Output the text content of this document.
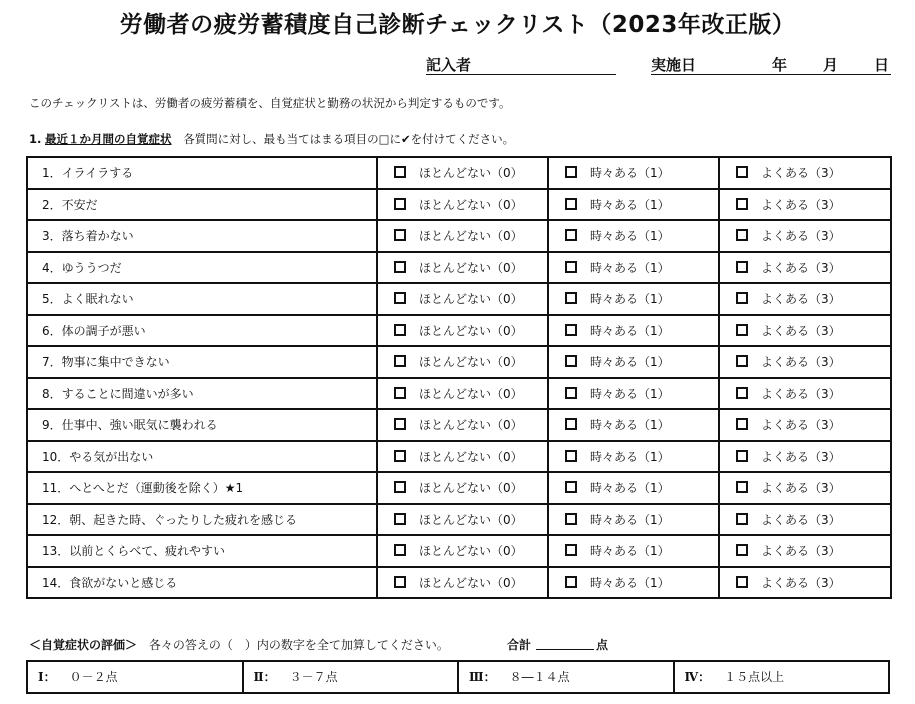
労働者の疲労蓄積度自己診断チェックリスト（2023年改正版）
記入者	実施日	年 月 日
このチェックリストは、労働者の疲労蓄積を、自覚症状と勤務の状況から判定するものです。
1. 最近１か月間の自覚症状 各質問に対し、最も当てはまる項目の□に✔を付けてください。
1．イライラする	ほとんどない（0）	時々ある（1）	よくある（3）
2．不安だ	ほとんどない（0）	時々ある（1）	よくある（3）
3．落ち着かない	ほとんどない（0）	時々ある（1）	よくある（3）
4．ゆううつだ	ほとんどない（0）	時々ある（1）	よくある（3）
5．よく眠れない	ほとんどない（0）	時々ある（1）	よくある（3）
6．体の調子が悪い	ほとんどない（0）	時々ある（1）	よくある（3）
7．物事に集中できない	ほとんどない（0）	時々ある（1）	よくある（3）
8．することに間違いが多い	ほとんどない（0）	時々ある（1）	よくある（3）
9．仕事中、強い眠気に襲われる	ほとんどない（0）	時々ある（1）	よくある（3）
10．やる気が出ない	ほとんどない（0）	時々ある（1）	よくある（3）
11．へとへとだ（運動後を除く）★1	ほとんどない（0）	時々ある（1）	よくある（3）
12．朝、起きた時、ぐったりした疲れを感じる	ほとんどない（0）	時々ある（1）	よくある（3）
13．以前とくらべて、疲れやすい	ほとんどない（0）	時々ある（1）	よくある（3）
14．食欲がないと感じる	ほとんどない（0）	時々ある（1）	よくある（3）
＜自覚症状の評価＞ 各々の答えの（　）内の数字を全て加算してください。	合計	点
Ⅰ： ０－２点	Ⅱ： ３－７点	Ⅲ： ８―１４点	Ⅳ： １５点以上
